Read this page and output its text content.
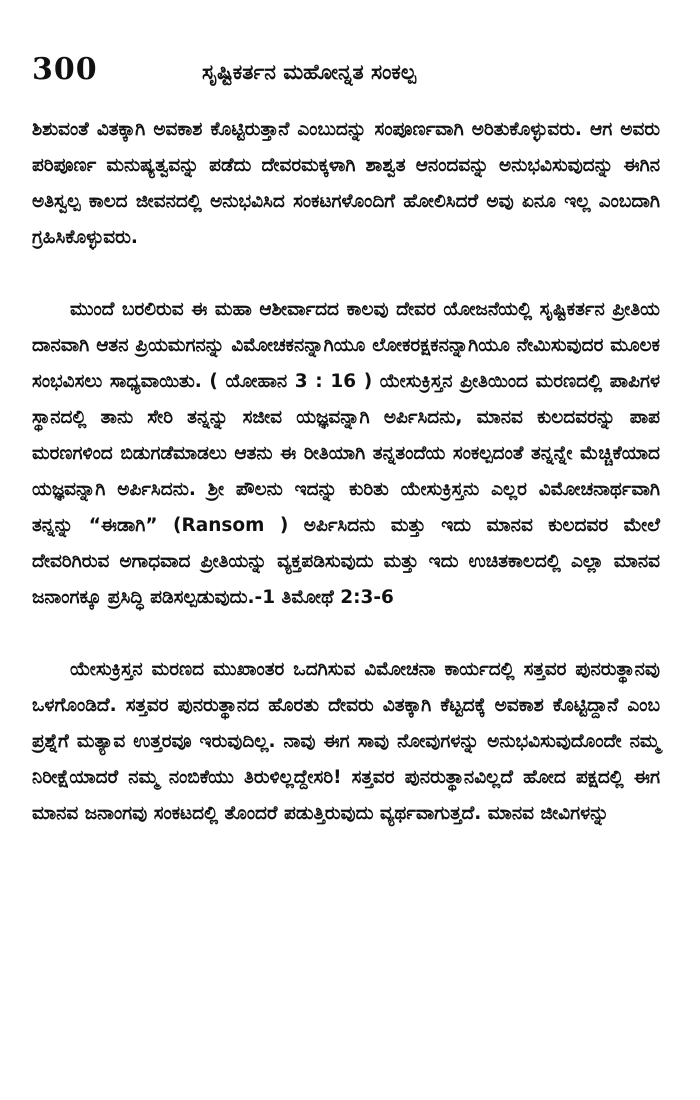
300	ಸೃಷ್ಟಿಕರ್ತನ ಮಹೋನ್ನತ ಸಂಕಲ್ಪ

ಶಿಶುವಂತೆ ವಿತಕ್ಕಾಗಿ ಅವಕಾಶ ಕೊಟ್ಟಿರುತ್ತಾನೆ ಎಂಬುದನ್ನು ಸಂಪೂರ್ಣವಾಗಿ ಅರಿತುಕೊಳ್ಳುವರು. ಆಗ ಅವರು ಪರಿಪೂರ್ಣ ಮನುಷ್ಯತ್ವವನ್ನು ಪಡೆದು ದೇವರಮಕ್ಕಳಾಗಿ ಶಾಶ್ವತ ಆನಂದವನ್ನು ಅನುಭವಿಸುವುದನ್ನು ಈಗಿನ ಅತಿಸ್ವಲ್ಪ ಕಾಲದ ಜೀವನದಲ್ಲಿ ಅನುಭವಿಸಿದ ಸಂಕಟಗಳೊಂದಿಗೆ ಹೋಲಿಸಿದರೆ ಅವು ಏನೂ ಇಲ್ಲ ಎಂಬದಾಗಿ ಗ್ರಹಿಸಿಕೊಳ್ಳುವರು.

ಮುಂದೆ ಬರಲಿರುವ ಈ ಮಹಾ ಆಶೀರ್ವಾದದ ಕಾಲವು ದೇವರ ಯೋಜನೆಯಲ್ಲಿ ಸೃಷ್ಟಿಕರ್ತನ ಪ್ರೀತಿಯ ದಾನವಾಗಿ ಆತನ ಪ್ರಿಯಮಗನನ್ನು ವಿಮೋಚಕನನ್ನಾಗಿಯೂ ಲೋಕರಕ್ಷಕನನ್ನಾಗಿಯೂ ನೇಮಿಸುವುದರ ಮೂಲಕ ಸಂಭವಿಸಲು ಸಾಧ್ಯವಾಯಿತು. ( ಯೋಹಾನ 3 : 16 ) ಯೇಸುಕ್ರಿಸ್ತನ ಪ್ರೀತಿಯಿಂದ ಮರಣದಲ್ಲಿ ಪಾಪಿಗಳ ಸ್ಥಾನದಲ್ಲಿ ತಾನು ಸೇರಿ ತನ್ನನ್ನು ಸಜೀವ ಯಜ್ಞವನ್ನಾಗಿ ಅರ್ಪಿಸಿದನು, ಮಾನವ ಕುಲದವರನ್ನು ಪಾಪ ಮರಣಗಳಿಂದ ಬಿಡುಗಡೆಮಾಡಲು ಆತನು ಈ ರೀತಿಯಾಗಿ ತನ್ನತಂದೆಯ ಸಂಕಲ್ಪದಂತೆ ತನ್ನನ್ನೇ ಮೆಚ್ಚಿಕೆಯಾದ ಯಜ್ಞವನ್ನಾಗಿ ಅರ್ಪಿಸಿದನು. ಶ್ರೀ ಪೌಲನು ಇದನ್ನು ಕುರಿತು ಯೇಸುಕ್ರಿಸ್ತನು ಎಲ್ಲರ ವಿಮೋಚನಾರ್ಥವಾಗಿ ತನ್ನನ್ನು “ಈಡಾಗಿ” (Ransom ) ಅರ್ಪಿಸಿದನು ಮತ್ತು ಇದು ಮಾನವ ಕುಲದವರ ಮೇಲೆ ದೇವರಿಗಿರುವ ಅಗಾಧವಾದ ಪ್ರೀತಿಯನ್ನು ವ್ಯಕ್ತಪಡಿಸುವುದು ಮತ್ತು ಇದು ಉಚಿತಕಾಲದಲ್ಲಿ ಎಲ್ಲಾ ಮಾನವ ಜನಾಂಗಕ್ಕೂ ಪ್ರಸಿದ್ಧಿ ಪಡಿಸಲ್ಪಡುವುದು.-1 ತಿಮೋಥೆ 2:3-6

ಯೇಸುಕ್ರಿಸ್ತನ ಮರಣದ ಮುಖಾಂತರ ಒದಗಿಸುವ ವಿಮೋಚನಾ ಕಾರ್ಯದಲ್ಲಿ ಸತ್ತವರ ಪುನರುತ್ಥಾನವು ಒಳಗೊಂಡಿದೆ. ಸತ್ತವರ ಪುನರುತ್ಥಾನದ ಹೊರತು ದೇವರು ವಿತಕ್ಕಾಗಿ ಕೆಟ್ಟದಕ್ಕೆ ಅವಕಾಶ ಕೊಟ್ಟಿದ್ದಾನೆ ಎಂಬ ಪ್ರಶ್ನೆಗೆ ಮತ್ಯಾವ ಉತ್ತರವೂ ಇರುವುದಿಲ್ಲ. ನಾವು ಈಗ ಸಾವು ನೋವುಗಳನ್ನು ಅನುಭವಿಸುವುದೊಂದೇ ನಮ್ಮ ನಿರೀಕ್ಷೆಯಾದರೆ ನಮ್ಮ ನಂಬಿಕೆಯು ತಿರುಳಿಲ್ಲದ್ದೇಸರಿ! ಸತ್ತವರ ಪುನರುತ್ಥಾನವಿಲ್ಲದೆ ಹೋದ ಪಕ್ಷದಲ್ಲಿ ಈಗ ಮಾನವ ಜನಾಂಗವು ಸಂಕಟದಲ್ಲಿ ತೊಂದರೆ ಪಡುತ್ತಿರುವುದು ವ್ಯರ್ಥವಾಗುತ್ತದೆ. ಮಾನವ ಜೀವಿಗಳನ್ನು
